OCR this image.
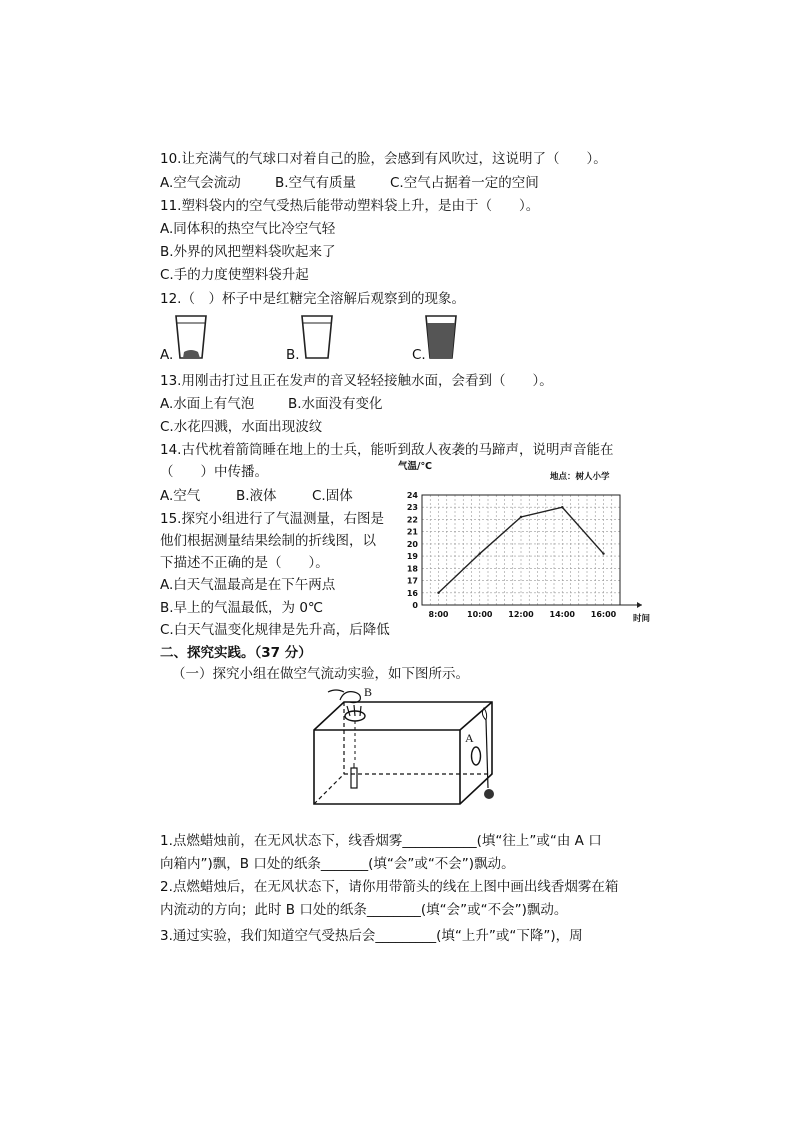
10.让充满气的气球口对着自己的脸，会感到有风吹过，这说明了（　　）。
A.空气会流动	B.空气有质量	C.空气占据着一定的空间
11.塑料袋内的空气受热后能带动塑料袋上升，是由于（　　）。
A.同体积的热空气比冷空气轻
B.外界的风把塑料袋吹起来了
C.手的力度使塑料袋升起
12.（　）杯子中是红糖完全溶解后观察到的现象。
A.	B.	C.
13.用刚击打过且正在发声的音叉轻轻接触水面，会看到（　　）。
A.水面上有气泡 B.水面没有变化
C.水花四溅，水面出现波纹
14.古代枕着箭筒睡在地上的士兵，能听到敌人夜袭的马蹄声，说明声音能在
（　　）中传播。
A.空气	B.液体	C.固体
15.探究小组进行了气温测量，右图是
他们根据测量结果绘制的折线图，以
下描述不正确的是（　　）。
A.白天气温最高是在下午两点
B.早上的气温最低，为 0℃
C.白天气温变化规律是先升高，后降低
气温/℃
地点：树人小学
0
16
17
18
19
20
21
22
23
24
8:00 10:00 12:00 14:00 16:00 时间
二、探究实践。（37 分）
（一）探究小组在做空气流动实验，如下图所示。
B
A
1.点燃蜡烛前，在无风状态下，线香烟雾___________(填“往上”或“由 A 口
向箱内”)飘，B 口处的纸条_______(填“会”或“不会”)飘动。
2.点燃蜡烛后，在无风状态下，请你用带箭头的线在上图中画出线香烟雾在箱
内流动的方向；此时 B 口处的纸条________(填“会”或“不会”)飘动。
3.通过实验，我们知道空气受热后会_________(填“上升”或“下降”)，周
